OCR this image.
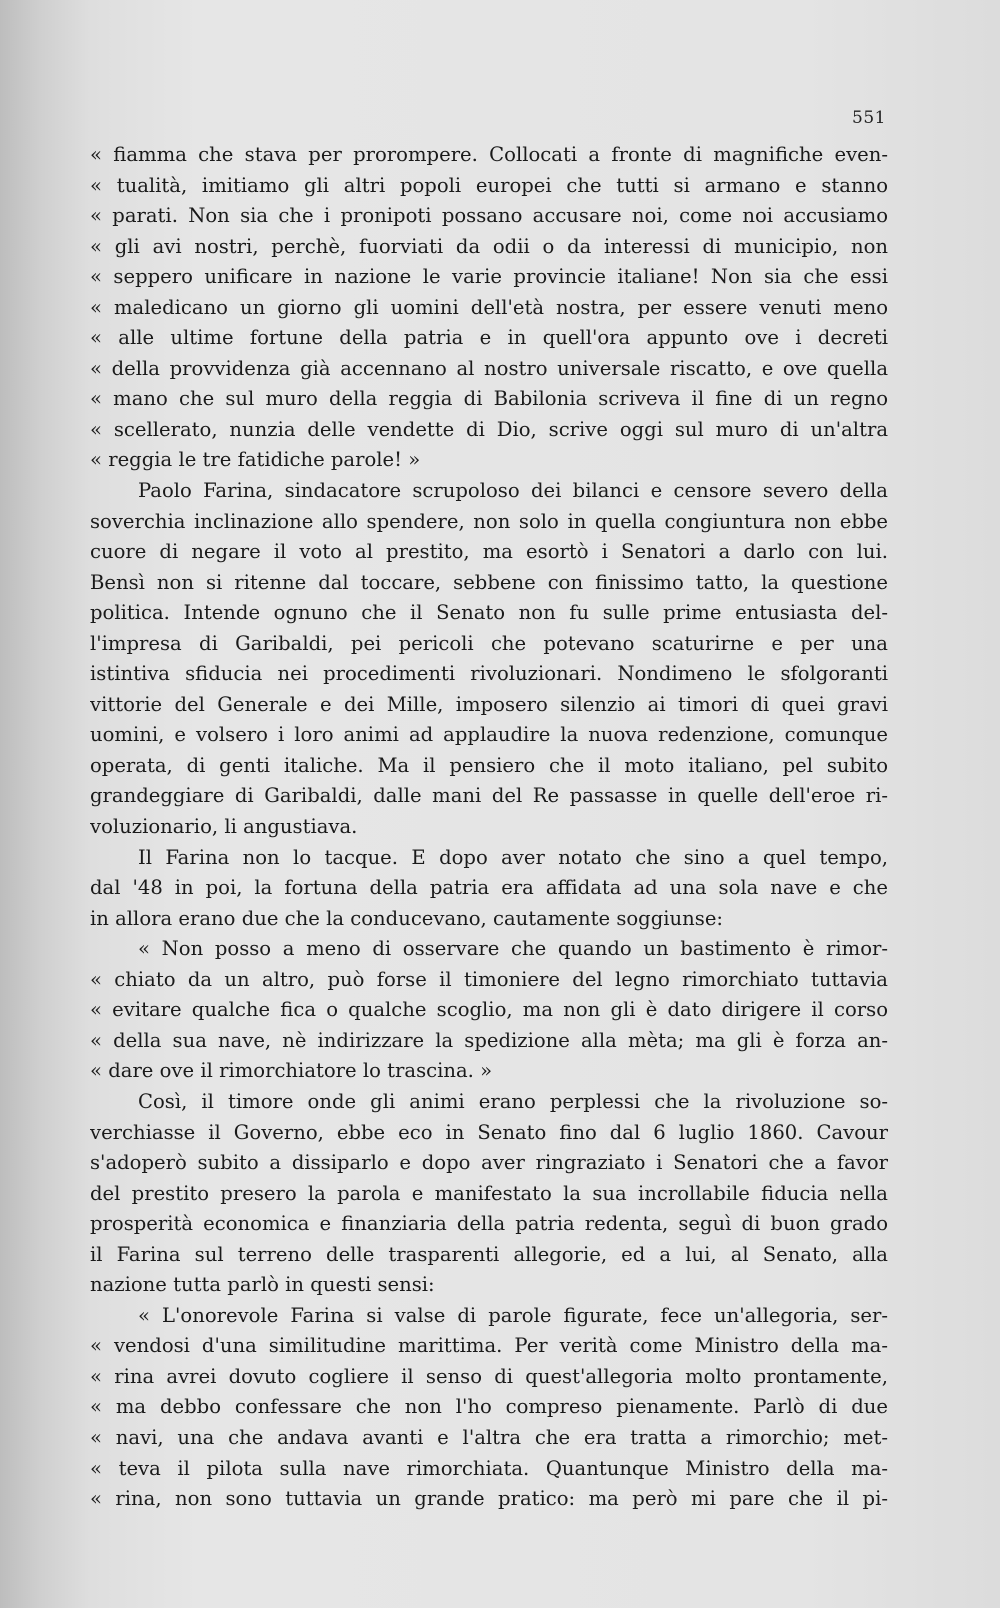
551
« fiamma che stava per prorompere. Collocati a fronte di magnifiche even-
« tualità, imitiamo gli altri popoli europei che tutti si armano e stanno
« parati. Non sia che i pronipoti possano accusare noi, come noi accusiamo
« gli avi nostri, perchè, fuorviati da odii o da interessi di municipio, non
« seppero unificare in nazione le varie provincie italiane! Non sia che essi
« maledicano un giorno gli uomini dell'età nostra, per essere venuti meno
« alle ultime fortune della patria e in quell'ora appunto ove i decreti
« della provvidenza già accennano al nostro universale riscatto, e ove quella
« mano che sul muro della reggia di Babilonia scriveva il fine di un regno
« scellerato, nunzia delle vendette di Dio, scrive oggi sul muro di un'altra
« reggia le tre fatidiche parole! »
Paolo Farina, sindacatore scrupoloso dei bilanci e censore severo della
soverchia inclinazione allo spendere, non solo in quella congiuntura non ebbe
cuore di negare il voto al prestito, ma esortò i Senatori a darlo con lui.
Bensì non si ritenne dal toccare, sebbene con finissimo tatto, la questione
politica. Intende ognuno che il Senato non fu sulle prime entusiasta del-
l'impresa di Garibaldi, pei pericoli che potevano scaturirne e per una
istintiva sfiducia nei procedimenti rivoluzionari. Nondimeno le sfolgoranti
vittorie del Generale e dei Mille, imposero silenzio ai timori di quei gravi
uomini, e volsero i loro animi ad applaudire la nuova redenzione, comunque
operata, di genti italiche. Ma il pensiero che il moto italiano, pel subito
grandeggiare di Garibaldi, dalle mani del Re passasse in quelle dell'eroe ri-
voluzionario, li angustiava.
Il Farina non lo tacque. E dopo aver notato che sino a quel tempo,
dal '48 in poi, la fortuna della patria era affidata ad una sola nave e che
in allora erano due che la conducevano, cautamente soggiunse:
« Non posso a meno di osservare che quando un bastimento è rimor-
« chiato da un altro, può forse il timoniere del legno rimorchiato tuttavia
« evitare qualche fica o qualche scoglio, ma non gli è dato dirigere il corso
« della sua nave, nè indirizzare la spedizione alla mèta; ma gli è forza an-
« dare ove il rimorchiatore lo trascina. »
Così, il timore onde gli animi erano perplessi che la rivoluzione so-
verchiasse il Governo, ebbe eco in Senato fino dal 6 luglio 1860. Cavour
s'adoperò subito a dissiparlo e dopo aver ringraziato i Senatori che a favor
del prestito presero la parola e manifestato la sua incrollabile fiducia nella
prosperità economica e finanziaria della patria redenta, seguì di buon grado
il Farina sul terreno delle trasparenti allegorie, ed a lui, al Senato, alla
nazione tutta parlò in questi sensi:
« L'onorevole Farina si valse di parole figurate, fece un'allegoria, ser-
« vendosi d'una similitudine marittima. Per verità come Ministro della ma-
« rina avrei dovuto cogliere il senso di quest'allegoria molto prontamente,
« ma debbo confessare che non l'ho compreso pienamente. Parlò di due
« navi, una che andava avanti e l'altra che era tratta a rimorchio; met-
« teva il pilota sulla nave rimorchiata. Quantunque Ministro della ma-
« rina, non sono tuttavia un grande pratico: ma però mi pare che il pi-
